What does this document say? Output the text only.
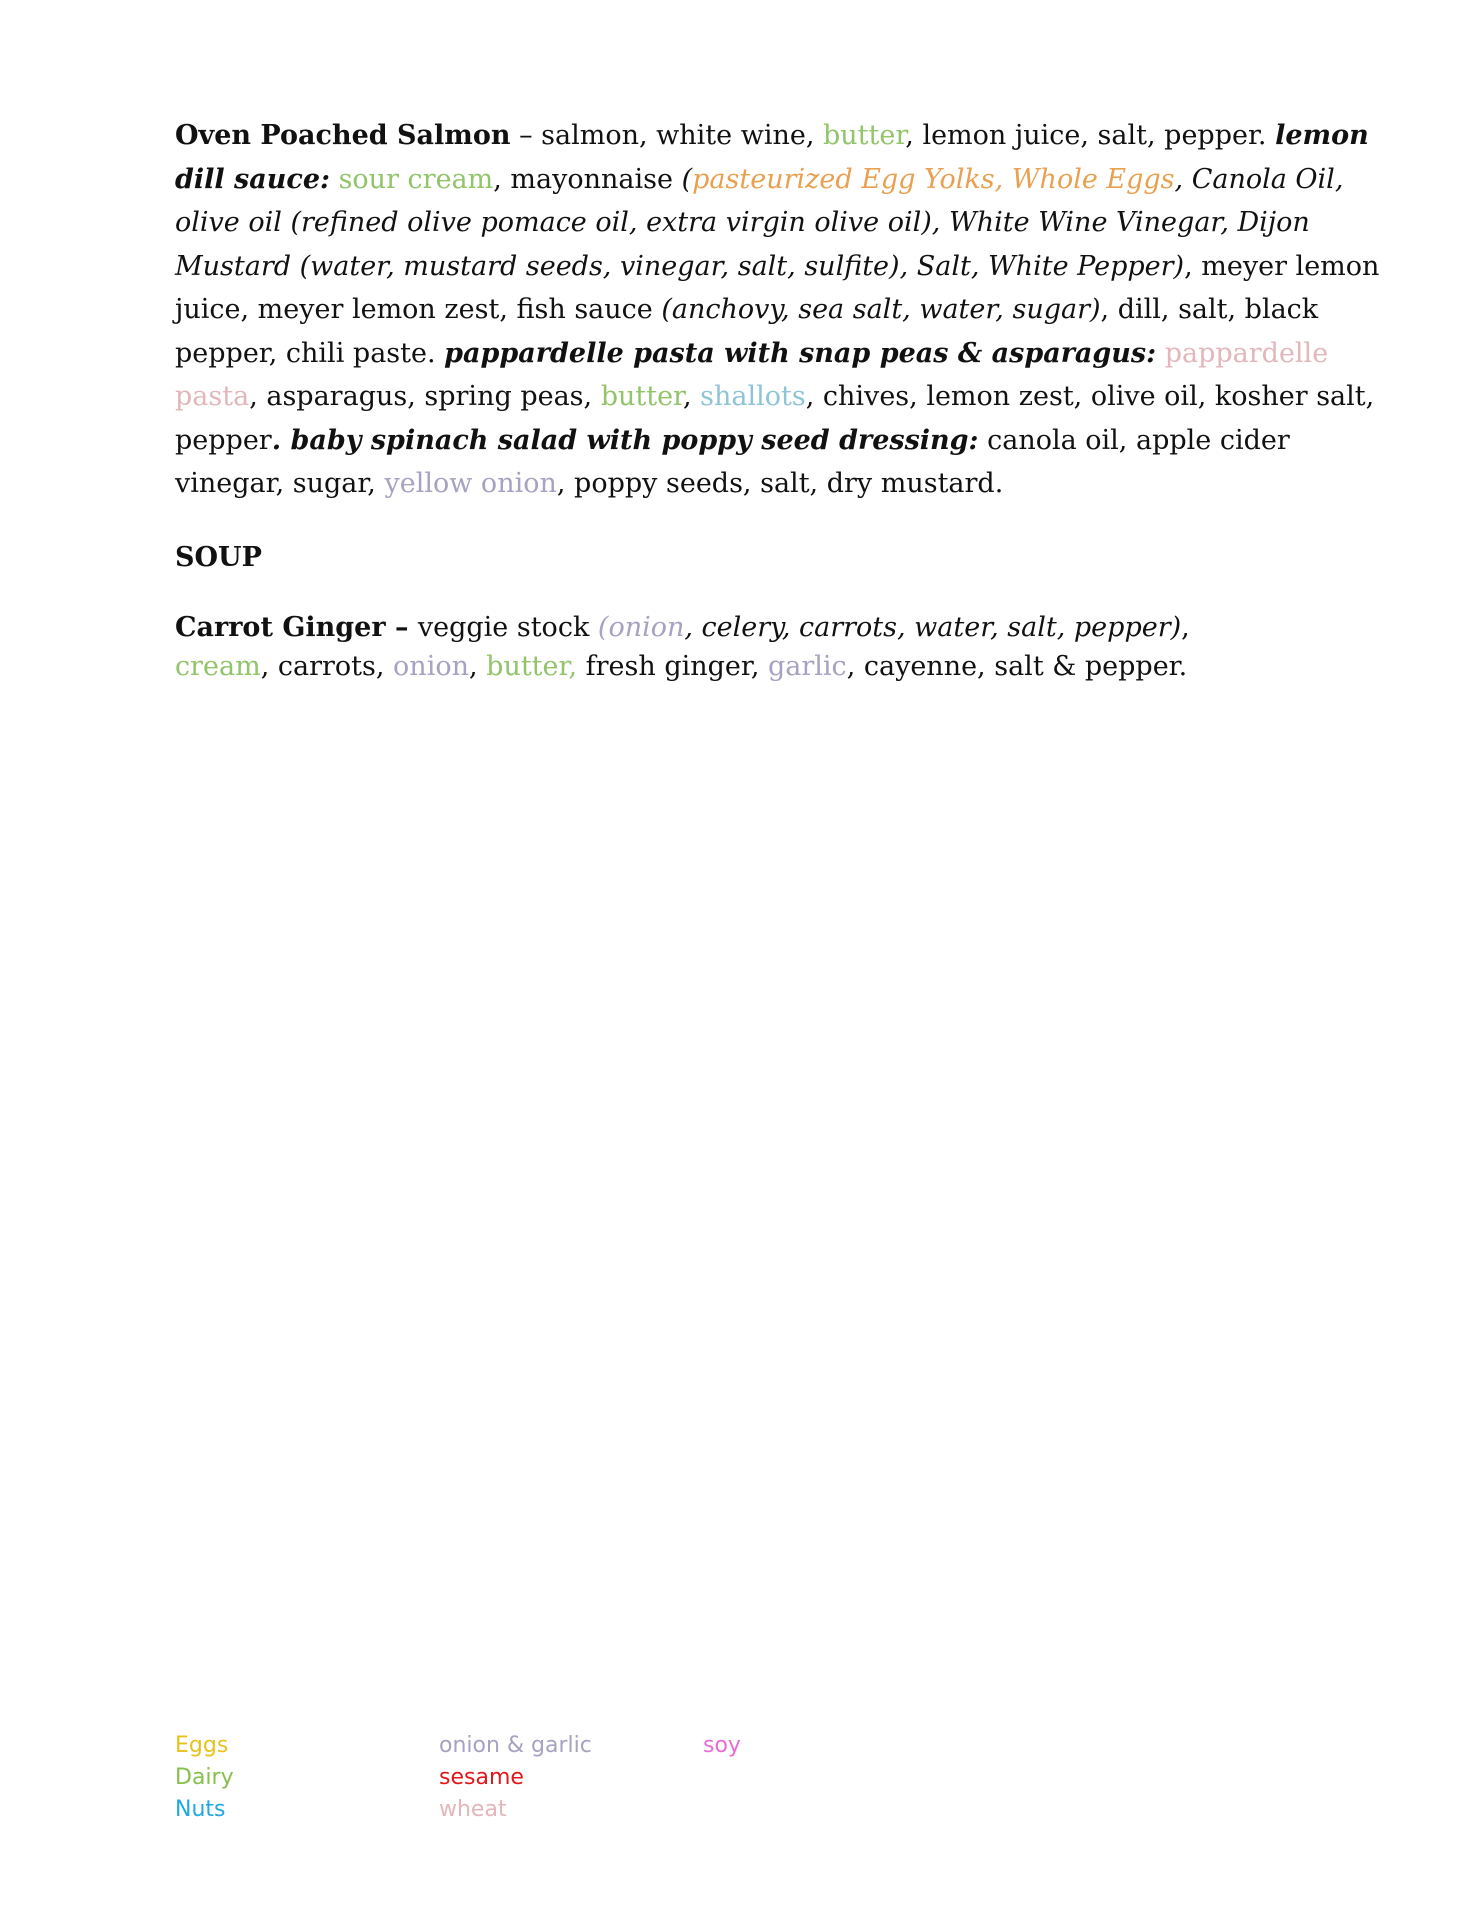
Oven Poached Salmon – salmon, white wine, butter, lemon juice, salt, pepper. lemon dill sauce: sour cream, mayonnaise (pasteurized Egg Yolks, Whole Eggs, Canola Oil, olive oil (refined olive pomace oil, extra virgin olive oil), White Wine Vinegar, Dijon Mustard (water, mustard seeds, vinegar, salt, sulfite), Salt, White Pepper), meyer lemon juice, meyer lemon zest, fish sauce (anchovy, sea salt, water, sugar), dill, salt, black pepper, chili paste. pappardelle pasta with snap peas & asparagus: pappardelle pasta, asparagus, spring peas, butter, shallots, chives, lemon zest, olive oil, kosher salt, pepper. baby spinach salad with poppy seed dressing: canola oil, apple cider vinegar, sugar, yellow onion, poppy seeds, salt, dry mustard.

SOUP

Carrot Ginger – veggie stock (onion, celery, carrots, water, salt, pepper),
cream, carrots, onion, butter, fresh ginger, garlic, cayenne, salt & pepper.

Eggs
Dairy
Nuts
onion & garlic
sesame
wheat
soy
